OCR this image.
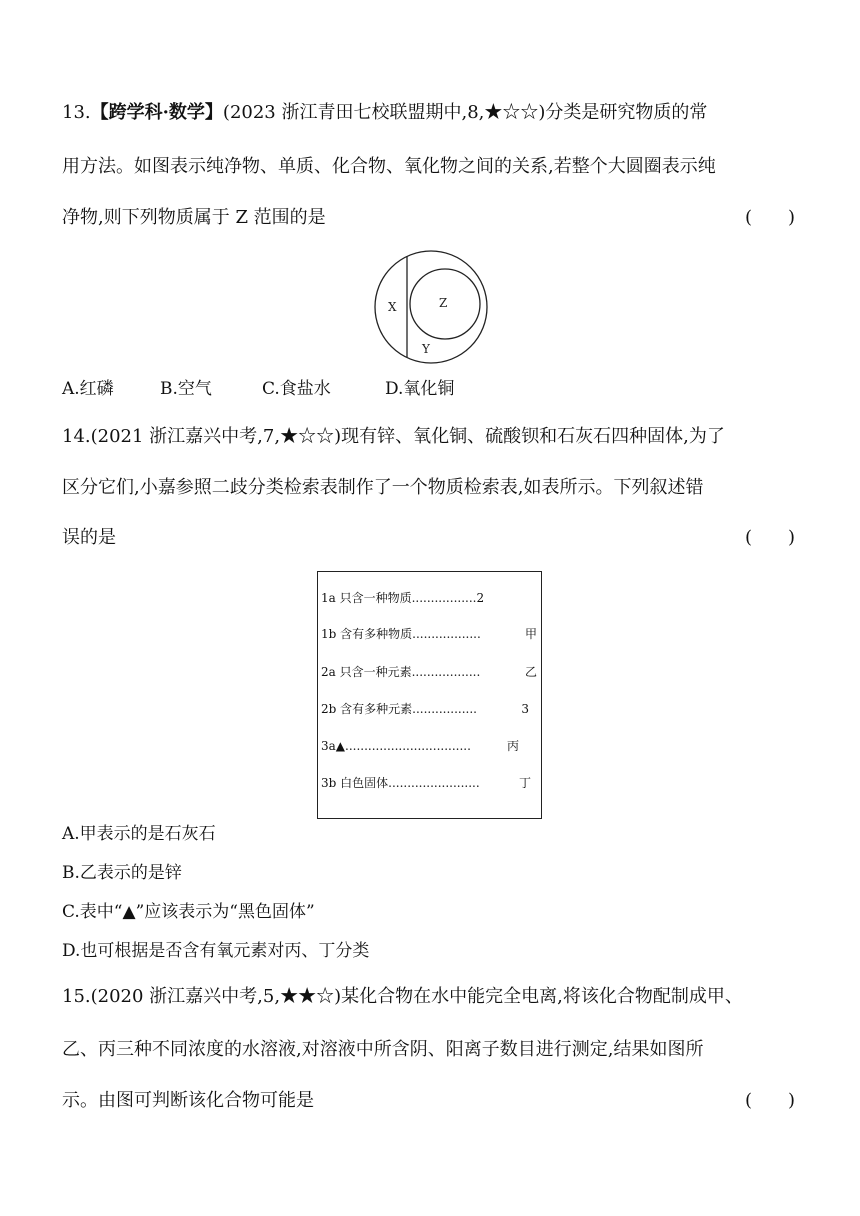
13.【跨学科·数学】(2023 浙江青田七校联盟期中,8,★☆☆)分类是研究物质的常
用方法。如图表示纯净物、单质、化合物、氧化物之间的关系,若整个大圆圈表示纯
净物,则下列物质属于 Z 范围的是	(　　)
X	Z
Y
A.红磷	B.空气	C.食盐水	D.氧化铜
14.(2021 浙江嘉兴中考,7,★☆☆)现有锌、氧化铜、硫酸钡和石灰石四种固体,为了
区分它们,小嘉参照二歧分类检索表制作了一个物质检索表,如表所示。下列叙述错
误的是	(　　)
1a 只含一种物质.................2
1b 含有多种物质..................	甲
2a 只含一种元素..................	乙
2b 含有多种元素.................	3
3a▲.................................	丙
3b 白色固体........................	丁
A.甲表示的是石灰石
B.乙表示的是锌
C.表中“▲”应该表示为“黑色固体”
D.也可根据是否含有氧元素对丙、丁分类
15.(2020 浙江嘉兴中考,5,★★☆)某化合物在水中能完全电离,将该化合物配制成甲、
乙、丙三种不同浓度的水溶液,对溶液中所含阴、阳离子数目进行测定,结果如图所
示。由图可判断该化合物可能是	(　　)
